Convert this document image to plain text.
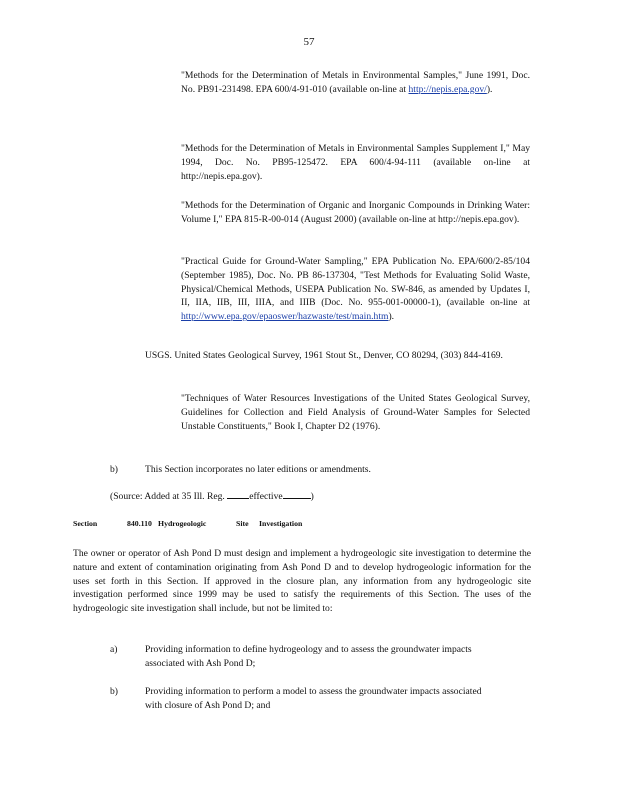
57
"Methods for the Determination of Metals in Environmental Samples," June 1991, Doc. No. PB91-231498. EPA 600/4-91-010 (available on-line at http://nepis.epa.gov/).
"Methods for the Determination of Metals in Environmental Samples Supplement I," May 1994, Doc. No. PB95-125472. EPA 600/4-94-111 (available on-line at http://nepis.epa.gov).
"Methods for the Determination of Organic and Inorganic Compounds in Drinking Water: Volume I," EPA 815-R-00-014 (August 2000) (available on-line at http://nepis.epa.gov).
"Practical Guide for Ground-Water Sampling," EPA Publication No. EPA/600/2-85/104 (September 1985), Doc. No. PB 86-137304, "Test Methods for Evaluating Solid Waste, Physical/Chemical Methods, USEPA Publication No. SW-846, as amended by Updates I, II, IIA, IIB, III, IIIA, and IIIB (Doc. No. 955-001-00000-1), (available on-line at http://www.epa.gov/epaoswer/hazwaste/test/main.htm).
USGS. United States Geological Survey, 1961 Stout St., Denver, CO 80294, (303) 844-4169.
"Techniques of Water Resources Investigations of the United States Geological Survey, Guidelines for Collection and Field Analysis of Ground-Water Samples for Selected Unstable Constituents," Book I, Chapter D2 (1976).
b)	This Section incorporates no later editions or amendments.
(Source: Added at 35 Ill. Reg.	effective	)
Section	840.110 Hydrogeologic	Site Investigation
The owner or operator of Ash Pond D must design and implement a hydrogeologic site investigation to determine the nature and extent of contamination originating from Ash Pond D and to develop hydrogeologic information for the uses set forth in this Section. If approved in the closure plan, any information from any hydrogeologic site investigation performed since 1999 may be used to satisfy the requirements of this Section. The uses of the hydrogeologic site investigation shall include, but not be limited to:
a)	Providing information to define hydrogeology and to assess the groundwater impacts associated with Ash Pond D;
b)	Providing information to perform a model to assess the groundwater impacts associated with closure of Ash Pond D; and
